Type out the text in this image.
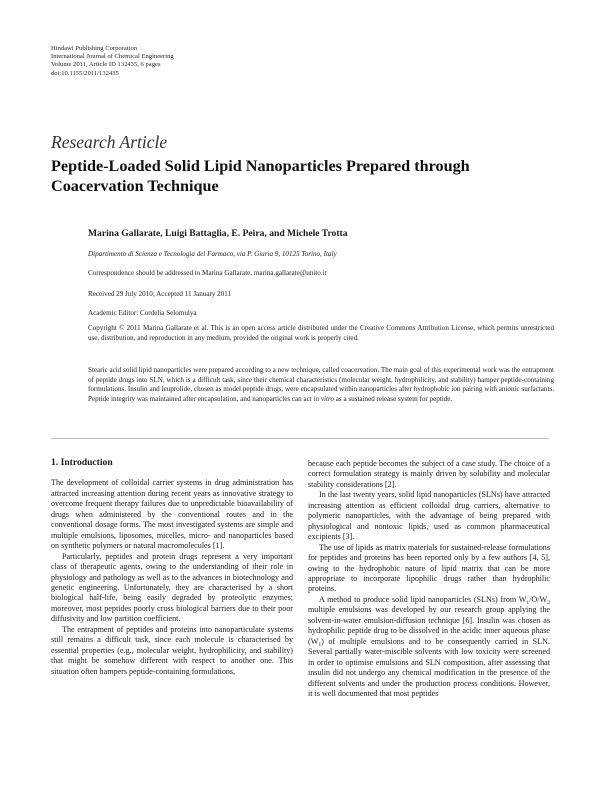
Hindawi Publishing Corporation
International Journal of Chemical Engineering
Volume 2011, Article ID 132435, 6 pages
doi:10.1155/2011/132435
Research Article
Peptide-Loaded Solid Lipid Nanoparticles Prepared through
Coacervation Technique
Marina Gallarate, Luigi Battaglia, E. Peira, and Michele Trotta
Dipartimento di Scienza e Tecnologia del Farmaco, via P. Giuria 9, 10125 Torino, Italy
Correspondence should be addressed to Marina Gallarate, marina.gallarate@unito.it
Received 29 July 2010; Accepted 11 January 2011
Academic Editor: Cordelia Selomulya
Copyright © 2011 Marina Gallarate et al. This is an open access article distributed under the Creative Commons Attribution License, which permits unrestricted use, distribution, and reproduction in any medium, provided the original work is properly cited.
Stearic acid solid lipid nanoparticles were prepared according to a new technique, called coacervation. The main goal of this experimental work was the entrapment of peptide drugs into SLN, which is a difficult task, since their chemical characteristics (molecular weight, hydrophilicity, and stability) hamper peptide-containing formulations. Insulin and leuprolide, chosen as model peptide drugs, were encapsulated within nanoparticles after hydrophobic ion pairing with anionic surfactants. Peptide integrity was maintained after encapsulation, and nanoparticles can act in vitro as a sustained release system for peptide.
1. Introduction

The development of colloidal carrier systems in drug administration has attracted increasing attention during recent years as innovative strategy to overcome frequent therapy failures due to unpredictable bioavailability of drugs when administered by the conventional routes and in the conventional dosage forms. The most investigated systems are simple and multiple emulsions, liposomes, micelles, micro- and nanoparticles based on synthetic polymers or natural macromolecules [1].

Particularly, peptides and protein drugs represent a very important class of therapeutic agents, owing to the understanding of their role in physiology and pathology as well as to the advances in biotechnology and genetic engineering. Unfortunately, they are characterised by a short biological half-life, being easily degraded by proteolytic enzymes; moreover, most peptides poorly cross biological barriers due to their poor diffusivity and low partition coefficient.

The entrapment of peptides and proteins into nanoparticulate systems still remains a difficult task, since each molecule is characterised by essential properties (e.g., molecular weight, hydrophilicity, and stability) that might be somehow different with respect to another one. This situation often hampers peptide-containing formulations,

because each peptide becomes the subject of a case study. The choice of a correct formulation strategy is mainly driven by solubility and molecular stability considerations [2].

In the last twenty years, solid lipid nanoparticles (SLNs) have attracted increasing attention as efficient colloidal drug carriers, alternative to polymeric nanoparticles, with the advantage of being prepared with physiological and nontoxic lipids, used as common pharmaceutical excipients [3].

The use of lipids as matrix materials for sustained-release formulations for peptides and proteins has been reported only by a few authors [4, 5], owing to the hydrophobic nature of lipid matrix that can be more appropriate to incorporate lipophilic drugs rather than hydrophilic proteins.

A method to produce solid lipid nanoparticles (SLNs) from $W_1/O/W_2$ multiple emulsions was developed by our research group applying the solvent-in-water emulsion-diffusion technique [6]. Insulin was chosen as hydrophilic peptide drug to be dissolved in the acidic inner aqueous phase $(W_1)$ of multiple emulsions and to be consequently carried in SLN. Several partially water-miscible solvents with low toxicity were screened in order to optimise emulsions and SLN composition, after assessing that insulin did not undergo any chemical modification in the presence of the different solvents and under the production process conditions. However, it is well documented that most peptides
